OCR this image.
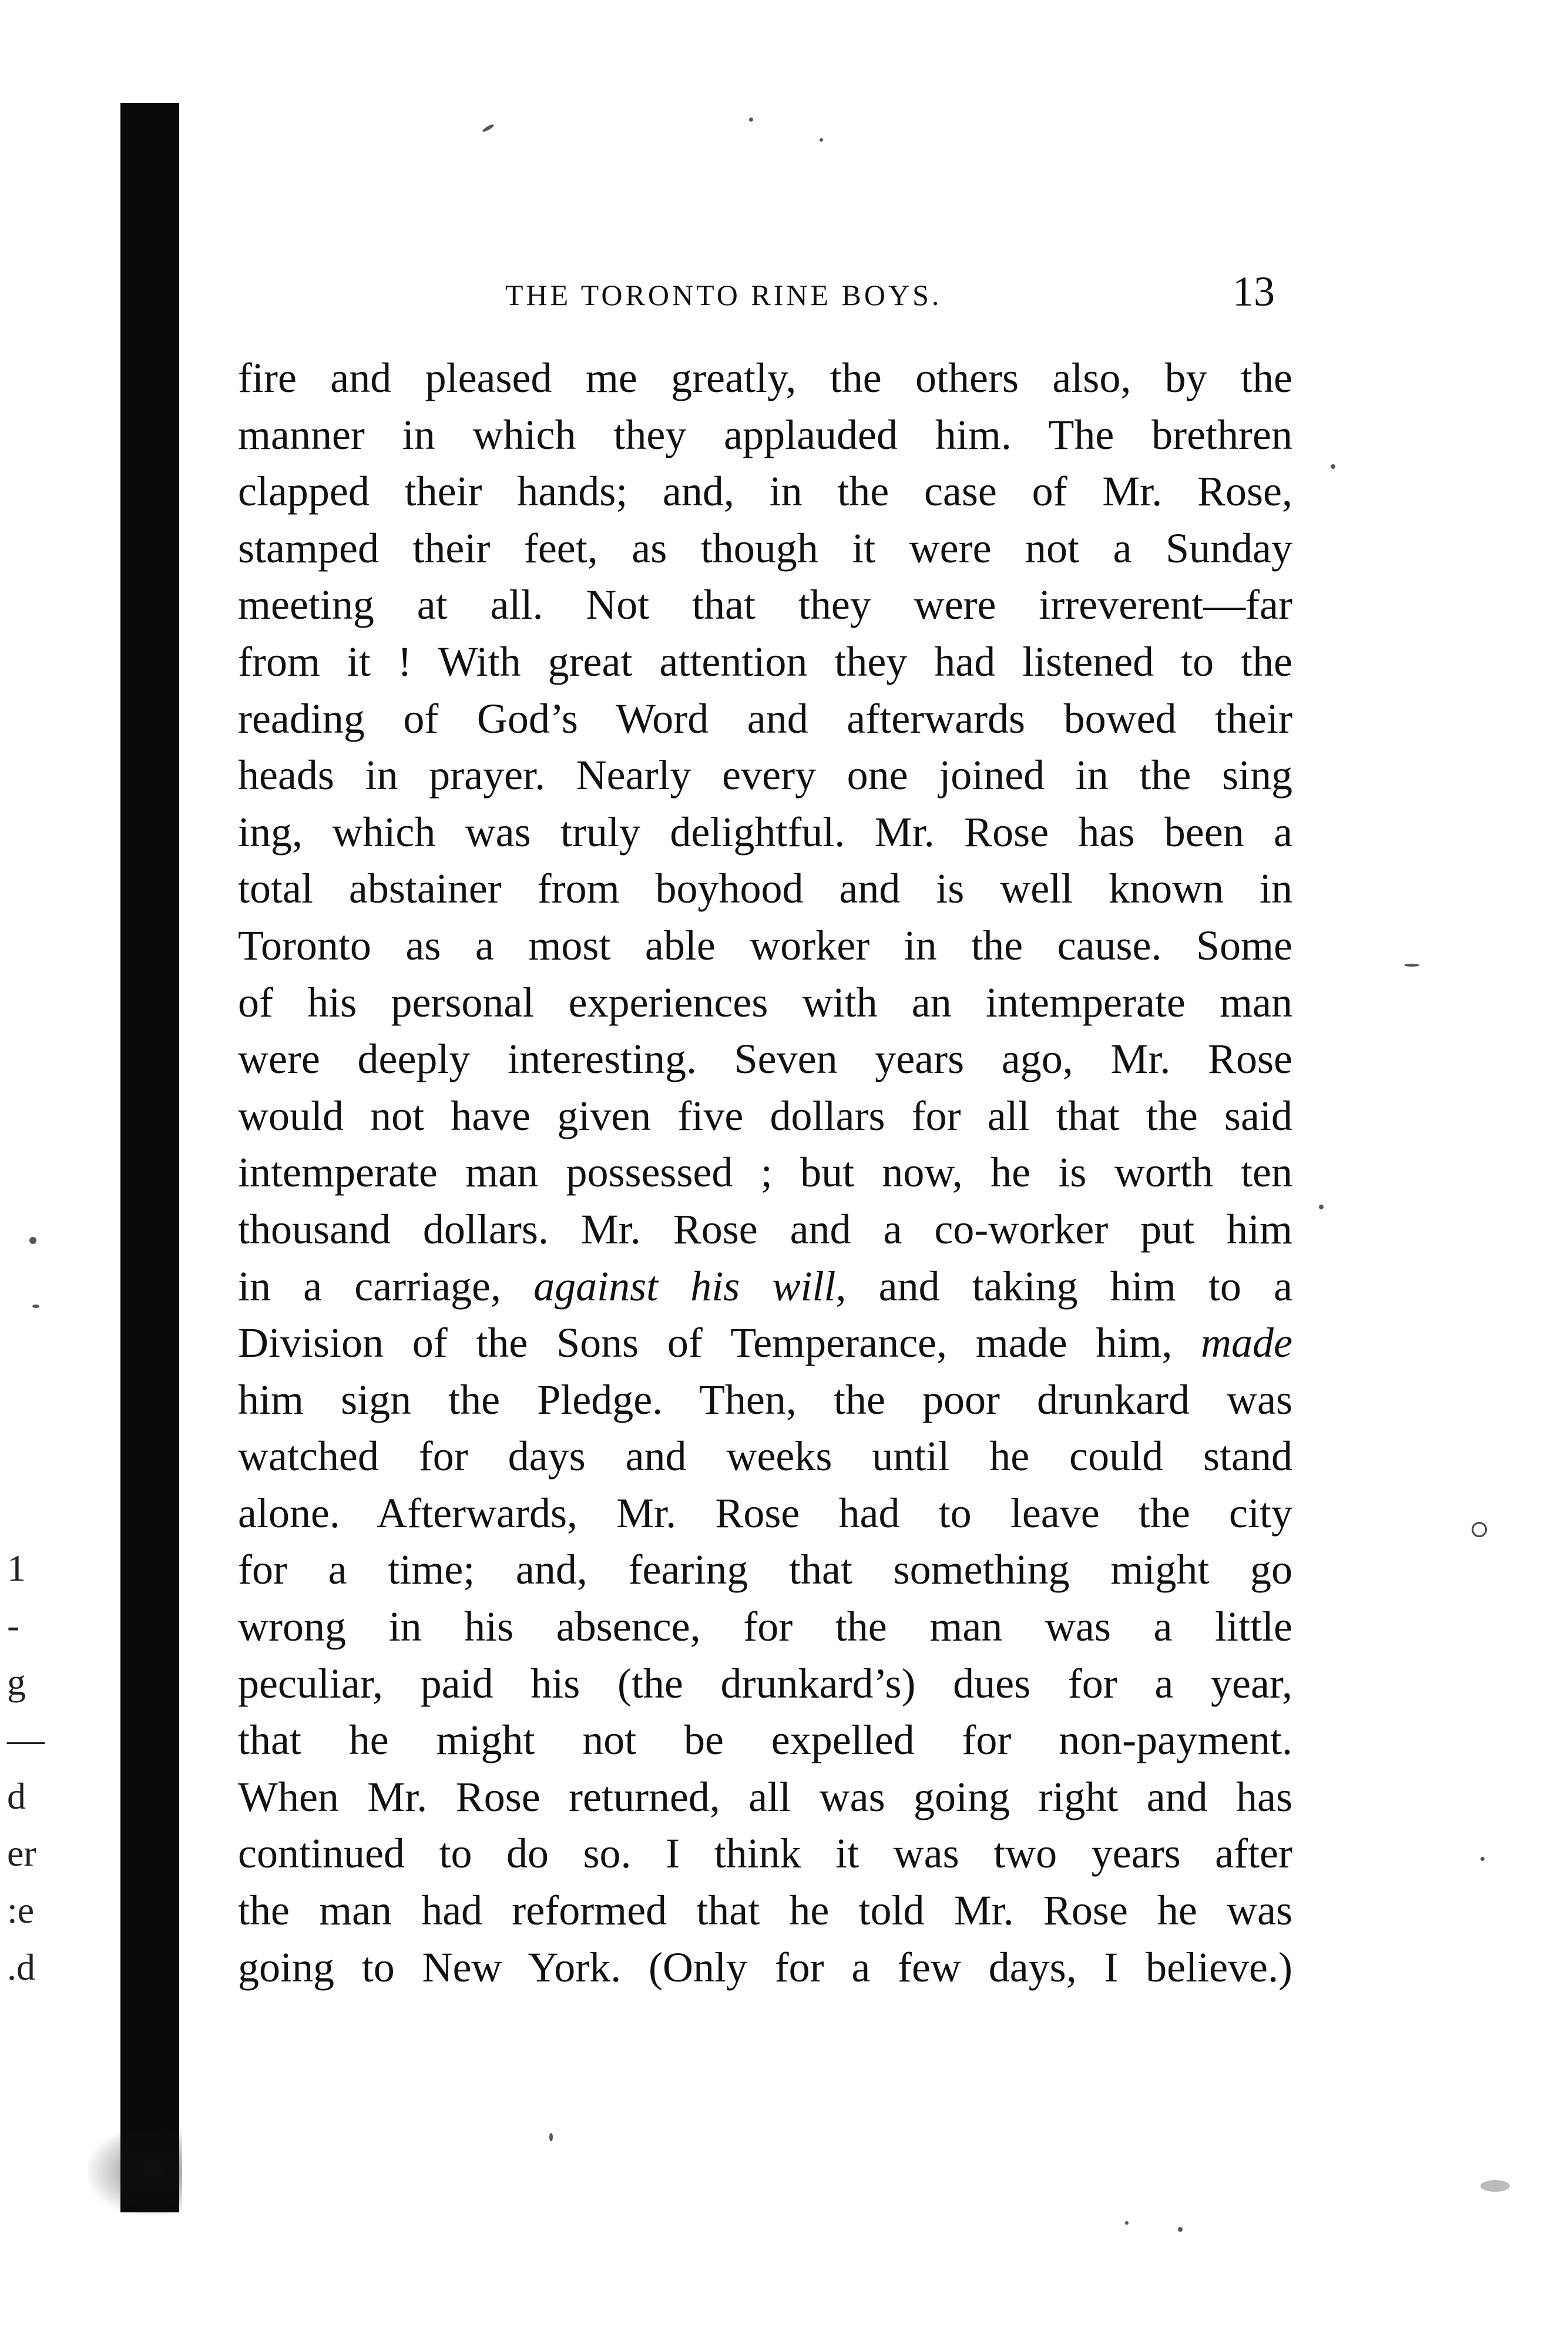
1
-
g
—
d
er
:e
.d
THE TORONTO RINE BOYS.	13
fire and pleased me greatly, the others also, by the
manner in which they applauded him. The brethren
clapped their hands; and, in the case of Mr. Rose,
stamped their feet, as though it were not a Sunday
meeting at all. Not that they were irreverent—far
from it ! With great attention they had listened to the
reading of God’s Word and afterwards bowed their
heads in prayer. Nearly every one joined in the sing
ing, which was truly delightful. Mr. Rose has been a
total abstainer from boyhood and is well known in
Toronto as a most able worker in the cause. Some
of his personal experiences with an intemperate man
were deeply interesting. Seven years ago, Mr. Rose
would not have given five dollars for all that the said
intemperate man possessed ; but now, he is worth ten
thousand dollars. Mr. Rose and a co-worker put him
in a carriage, against his will, and taking him to a
Division of the Sons of Temperance, made him, made
him sign the Pledge. Then, the poor drunkard was
watched for days and weeks until he could stand
alone. Afterwards, Mr. Rose had to leave the city
for a time; and, fearing that something might go
wrong in his absence, for the man was a little
peculiar, paid his (the drunkard’s) dues for a year,
that he might not be expelled for non-payment.
When Mr. Rose returned, all was going right and has
continued to do so. I think it was two years after
the man had reformed that he told Mr. Rose he was
going to New York. (Only for a few days, I believe.)
